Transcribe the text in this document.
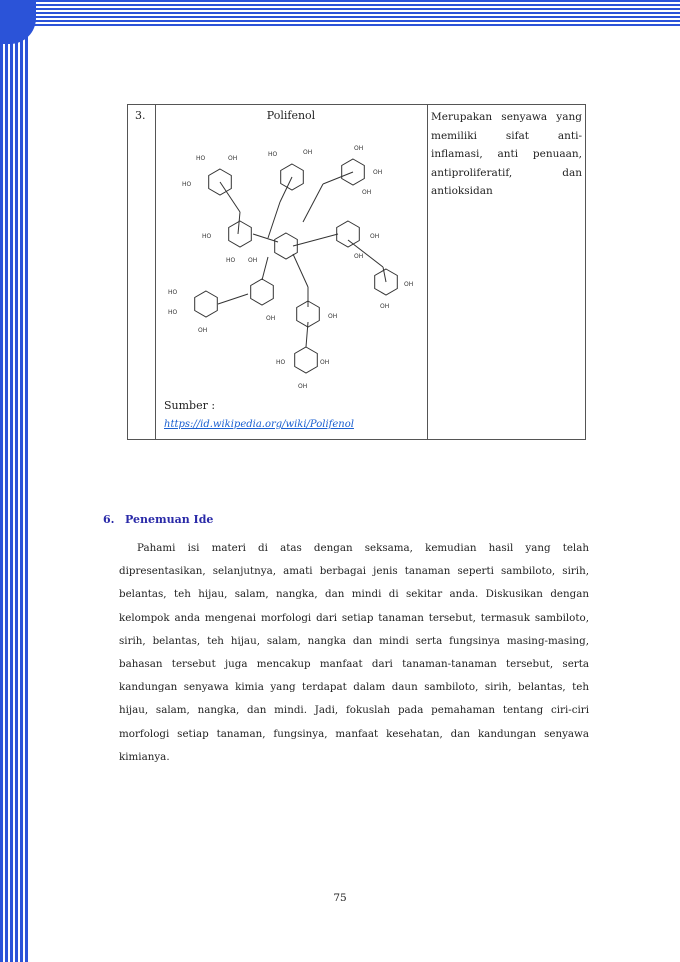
3.	Polifenol	Merupakan senyawa yang memiliki sifat anti-inflamasi, anti penuaan, antiproliferatif, dan antioksidan
HO	OH
HO
HO	OH
OH
OH
OH
HO
HO OH
OH
OH
OH
OH
HO
HO
OH
OH	OH
HO	OH
OH
Sumber :
https://id.wikipedia.org/wiki/Polifenol
6. Penemuan Ide

Pahami isi materi di atas dengan seksama, kemudian hasil yang telah dipresentasikan, selanjutnya, amati berbagai jenis tanaman seperti sambiloto, sirih, belantas, teh hijau, salam, nangka, dan mindi di sekitar anda. Diskusikan dengan kelompok anda mengenai morfologi dari setiap tanaman tersebut, termasuk sambiloto, sirih, belantas, teh hijau, salam, nangka dan mindi serta fungsinya masing-masing, bahasan tersebut juga mencakup manfaat dari tanaman-tanaman tersebut, serta kandungan senyawa kimia yang terdapat dalam daun sambiloto, sirih, belantas, teh hijau, salam, nangka, dan mindi. Jadi, fokuslah pada pemahaman tentang ciri-ciri morfologi setiap tanaman, fungsinya, manfaat kesehatan, dan kandungan senyawa kimianya.

75
